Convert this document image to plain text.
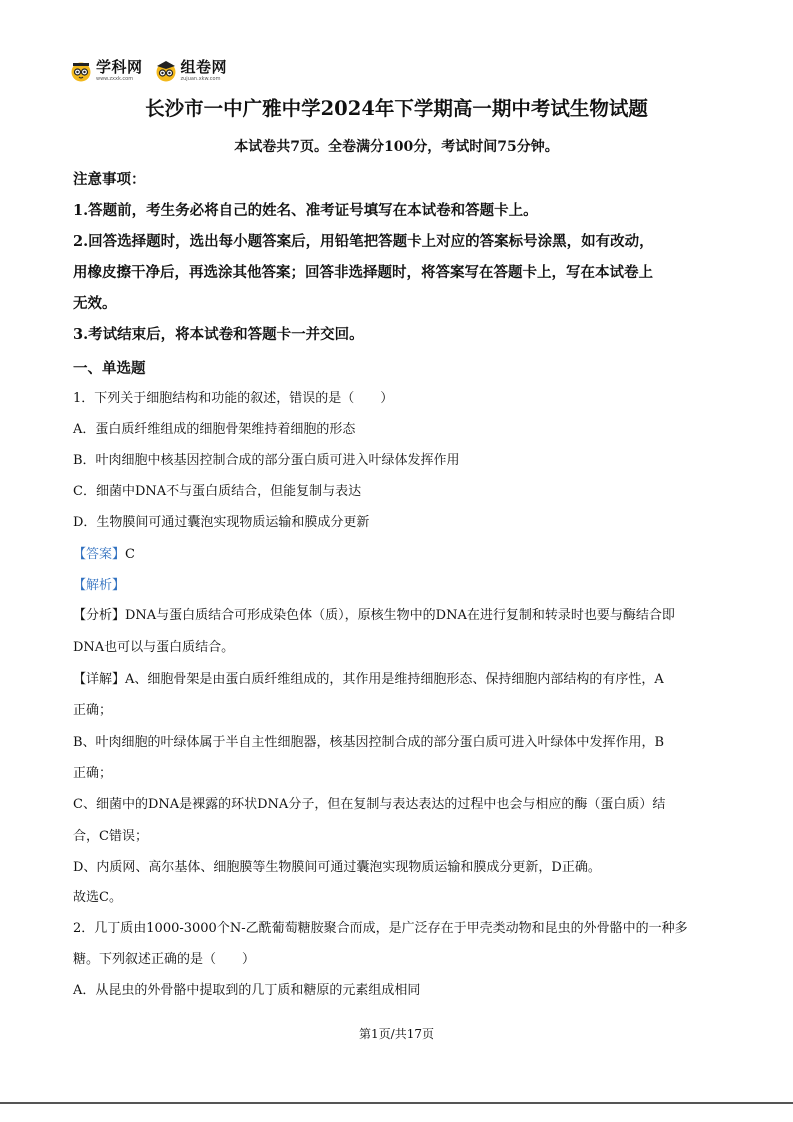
学科网
www.zxxk.com
组卷网
zujuan.xkw.com
长沙市一中广雅中学2024年下学期高一期中考试生物试题
本试卷共7页。全卷满分100分，考试时间75分钟。
注意事项：
1.答题前，考生务必将自己的姓名、准考证号填写在本试卷和答题卡上。
2.回答选择题时，选出每小题答案后，用铅笔把答题卡上对应的答案标号涂黑，如有改动，
用橡皮擦干净后，再选涂其他答案；回答非选择题时，将答案写在答题卡上，写在本试卷上
无效。
3.考试结束后，将本试卷和答题卡一并交回。
一、单选题
1．下列关于细胞结构和功能的叙述，错误的是（　　）
A．蛋白质纤维组成的细胞骨架维持着细胞的形态
B．叶肉细胞中核基因控制合成的部分蛋白质可进入叶绿体发挥作用
C．细菌中DNA不与蛋白质结合，但能复制与表达
D．生物膜间可通过囊泡实现物质运输和膜成分更新
【答案】C
【解析】
【分析】DNA与蛋白质结合可形成染色体（质），原核生物中的DNA在进行复制和转录时也要与酶结合即
DNA也可以与蛋白质结合。
【详解】A、细胞骨架是由蛋白质纤维组成的，其作用是维持细胞形态、保持细胞内部结构的有序性，A
正确；
B、叶肉细胞的叶绿体属于半自主性细胞器，核基因控制合成的部分蛋白质可进入叶绿体中发挥作用，B
正确；
C、细菌中的DNA是裸露的环状DNA分子，但在复制与表达表达的过程中也会与相应的酶（蛋白质）结
合，C错误；
D、内质网、高尔基体、细胞膜等生物膜间可通过囊泡实现物质运输和膜成分更新，D正确。
故选C。
2．几丁质由1000-3000个N-乙酰葡萄糖胺聚合而成，是广泛存在于甲壳类动物和昆虫的外骨骼中的一种多
糖。下列叙述正确的是（　　）
A．从昆虫的外骨骼中提取到的几丁质和糖原的元素组成相同
第1页/共17页
